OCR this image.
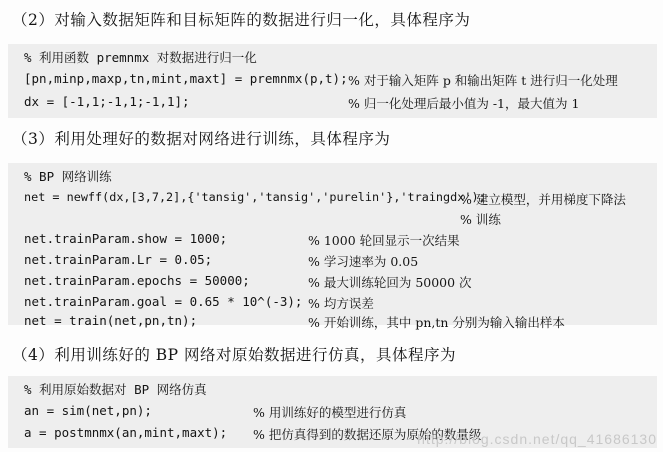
（2）对输入数据矩阵和目标矩阵的数据进行归一化，具体程序为
% 利用函数 premnmx 对数据进行归一化
[pn,minp,maxp,tn,mint,maxt] = premnmx(p,t); % 对于输入矩阵 p 和输出矩阵 t 进行归一化处理
dx = [-1,1;-1,1;-1,1];	% 归一化处理后最小值为 -1，最大值为 1
（3）利用处理好的数据对网络进行训练，具体程序为
% BP 网络训练
net = newff(dx,[3,7,2],{'tansig','tansig','purelin'},'traingdx');
% 建立模型，并用梯度下降法
% 训练
net.trainParam.show = 1000;	% 1000 轮回显示一次结果
net.trainParam.Lr = 0.05;	% 学习速率为 0.05
net.trainParam.epochs = 50000;	% 最大训练轮回为 50000 次
net.trainParam.goal = 0.65 * 10^(-3); % 均方误差
net = train(net,pn,tn);	% 开始训练，其中 pn,tn 分别为输入输出样本
（4）利用训练好的 BP 网络对原始数据进行仿真，具体程序为
% 利用原始数据对 BP 网络仿真
an = sim(net,pn);	% 用训练好的模型进行仿真
a = postmnmx(an,mint,maxt); % 把仿真得到的数据还原为原始的数量级
http://blog.csdn.net/qq_41686130
